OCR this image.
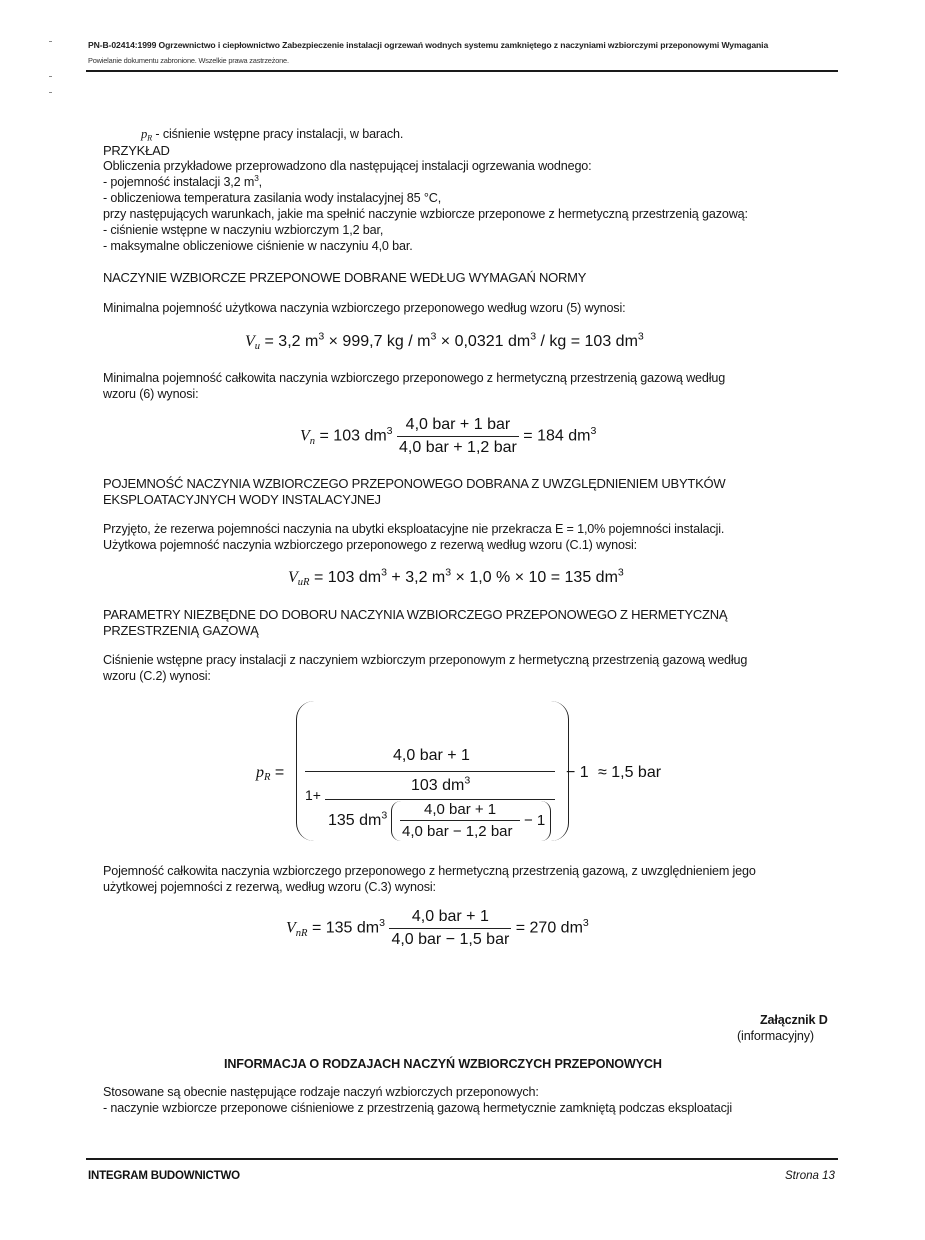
PN-B-02414:1999 Ogrzewnictwo i ciepłownictwo Zabezpieczenie instalacji ogrzewań wodnych systemu zamkniętego z naczyniami wzbiorczymi przeponowymi Wymagania
Powielanie dokumentu zabronione. Wszelkie prawa zastrzeżone.
$p_R$ - ciśnienie wstępne pracy instalacji, w barach.
PRZYKŁAD
Obliczenia przykładowe przeprowadzono dla następującej instalacji ogrzewania wodnego:
- pojemność instalacji 3,2 $m^3$,
- obliczeniowa temperatura zasilania wody instalacyjnej 85 °C,
przy następujących warunkach, jakie ma spełnić naczynie wzbiorcze przeponowe z hermetyczną przestrzenią gazową:
- ciśnienie wstępne w naczyniu wzbiorczym 1,2 bar,
- maksymalne obliczeniowe ciśnienie w naczyniu 4,0 bar.
NACZYNIE WZBIORCZE PRZEPONOWE DOBRANE WEDŁUG WYMAGAŃ NORMY
Minimalna pojemność użytkowa naczynia wzbiorczego przeponowego według wzoru (5) wynosi:
$V_u = 3,2$ $m^3 \times 999,7$ kg / $m^3 \times 0,0321$ $dm^3$ / kg = 103 $dm^3$
Minimalna pojemność całkowita naczynia wzbiorczego przeponowego z hermetyczną przestrzenią gazową według
wzoru (6) wynosi:
$V_n = 103$ $dm^3 \frac{\text{4,0 bar + 1 bar}}{\text{4,0 bar + 1,2 bar}} = 184$ $dm^3$
POJEMNOŚĆ NACZYNIA WZBIORCZEGO PRZEPONOWEGO DOBRANA Z UWZGLĘDNIENIEM UBYTKÓW
EKSPLOATACYJNYCH WODY INSTALACYJNEJ
Przyjęto, że rezerwa pojemności naczynia na ubytki eksploatacyjne nie przekracza E = 1,0% pojemności instalacji.
Użytkowa pojemność naczynia wzbiorczego przeponowego z rezerwą według wzoru (C.1) wynosi:
$V_{uR} = 103$ $dm^3 + 3,2$ $m^3 \times 1,0$ % × 10 = 135 $dm^3$
PARAMETRY NIEZBĘDNE DO DOBORU NACZYNIA WZBIORCZEGO PRZEPONOWEGO Z HERMETYCZNĄ
PRZESTRZENIĄ GAZOWĄ
Ciśnienie wstępne pracy instalacji z naczyniem wzbiorczym przeponowym z hermetyczną przestrzenią gazową według
wzoru (C.2) wynosi:
$p_R$ =
4,0 bar + 1
1+
103 $dm^3$
135 $dm^3$ 4,0 bar + 1
4,0 bar − 1,2 bar
− 1
− 1 ≈ 1,5 bar
Pojemność całkowita naczynia wzbiorczego przeponowego z hermetyczną przestrzenią gazową, z uwzględnieniem jego
użytkowej pojemności z rezerwą, według wzoru (C.3) wynosi:
$V_{nR} = 135$ $dm^3 \frac{\text{4,0 bar + 1}}{\text{4,0 bar − 1,5 bar}} = 270$ $dm^3$
Załącznik D
(informacyjny)
INFORMACJA O RODZAJACH NACZYŃ WZBIORCZYCH PRZEPONOWYCH
Stosowane są obecnie następujące rodzaje naczyń wzbiorczych przeponowych:
- naczynie wzbiorcze przeponowe ciśnieniowe z przestrzenią gazową hermetycznie zamkniętą podczas eksploatacji
INTEGRAM BUDOWNICTWO	Strona 13
